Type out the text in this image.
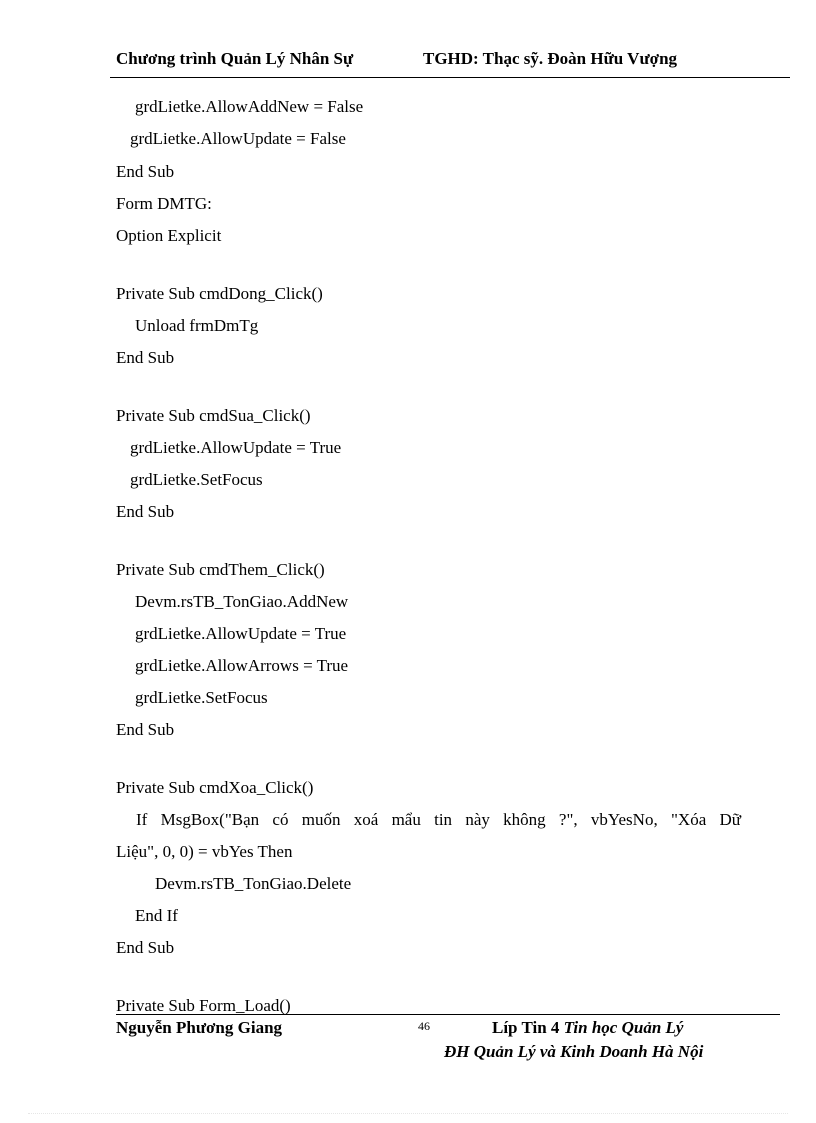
Chương trình Quản Lý Nhân Sự	TGHD: Thạc sỹ. Đoàn Hữu Vượng
grdLietke.AllowAddNew = False
grdLietke.AllowUpdate = False
End Sub
Form DMTG:
Option Explicit
Private Sub cmdDong_Click()
Unload frmDmTg
End Sub
Private Sub cmdSua_Click()
grdLietke.AllowUpdate = True
grdLietke.SetFocus
End Sub
Private Sub cmdThem_Click()
Devm.rsTB_TonGiao.AddNew
grdLietke.AllowUpdate = True
grdLietke.AllowArrows = True
grdLietke.SetFocus
End Sub
Private Sub cmdXoa_Click()
If MsgBox("Bạn có muốn xoá mẩu tin này không ?", vbYesNo, "Xóa Dữ
Liệu", 0, 0) = vbYes Then
Devm.rsTB_TonGiao.Delete
End If
End Sub
Private Sub Form_Load()
Nguyễn Phương Giang	46	Líp Tin 4 Tin học Quản Lý
ĐH Quản Lý và Kinh Doanh Hà Nội
